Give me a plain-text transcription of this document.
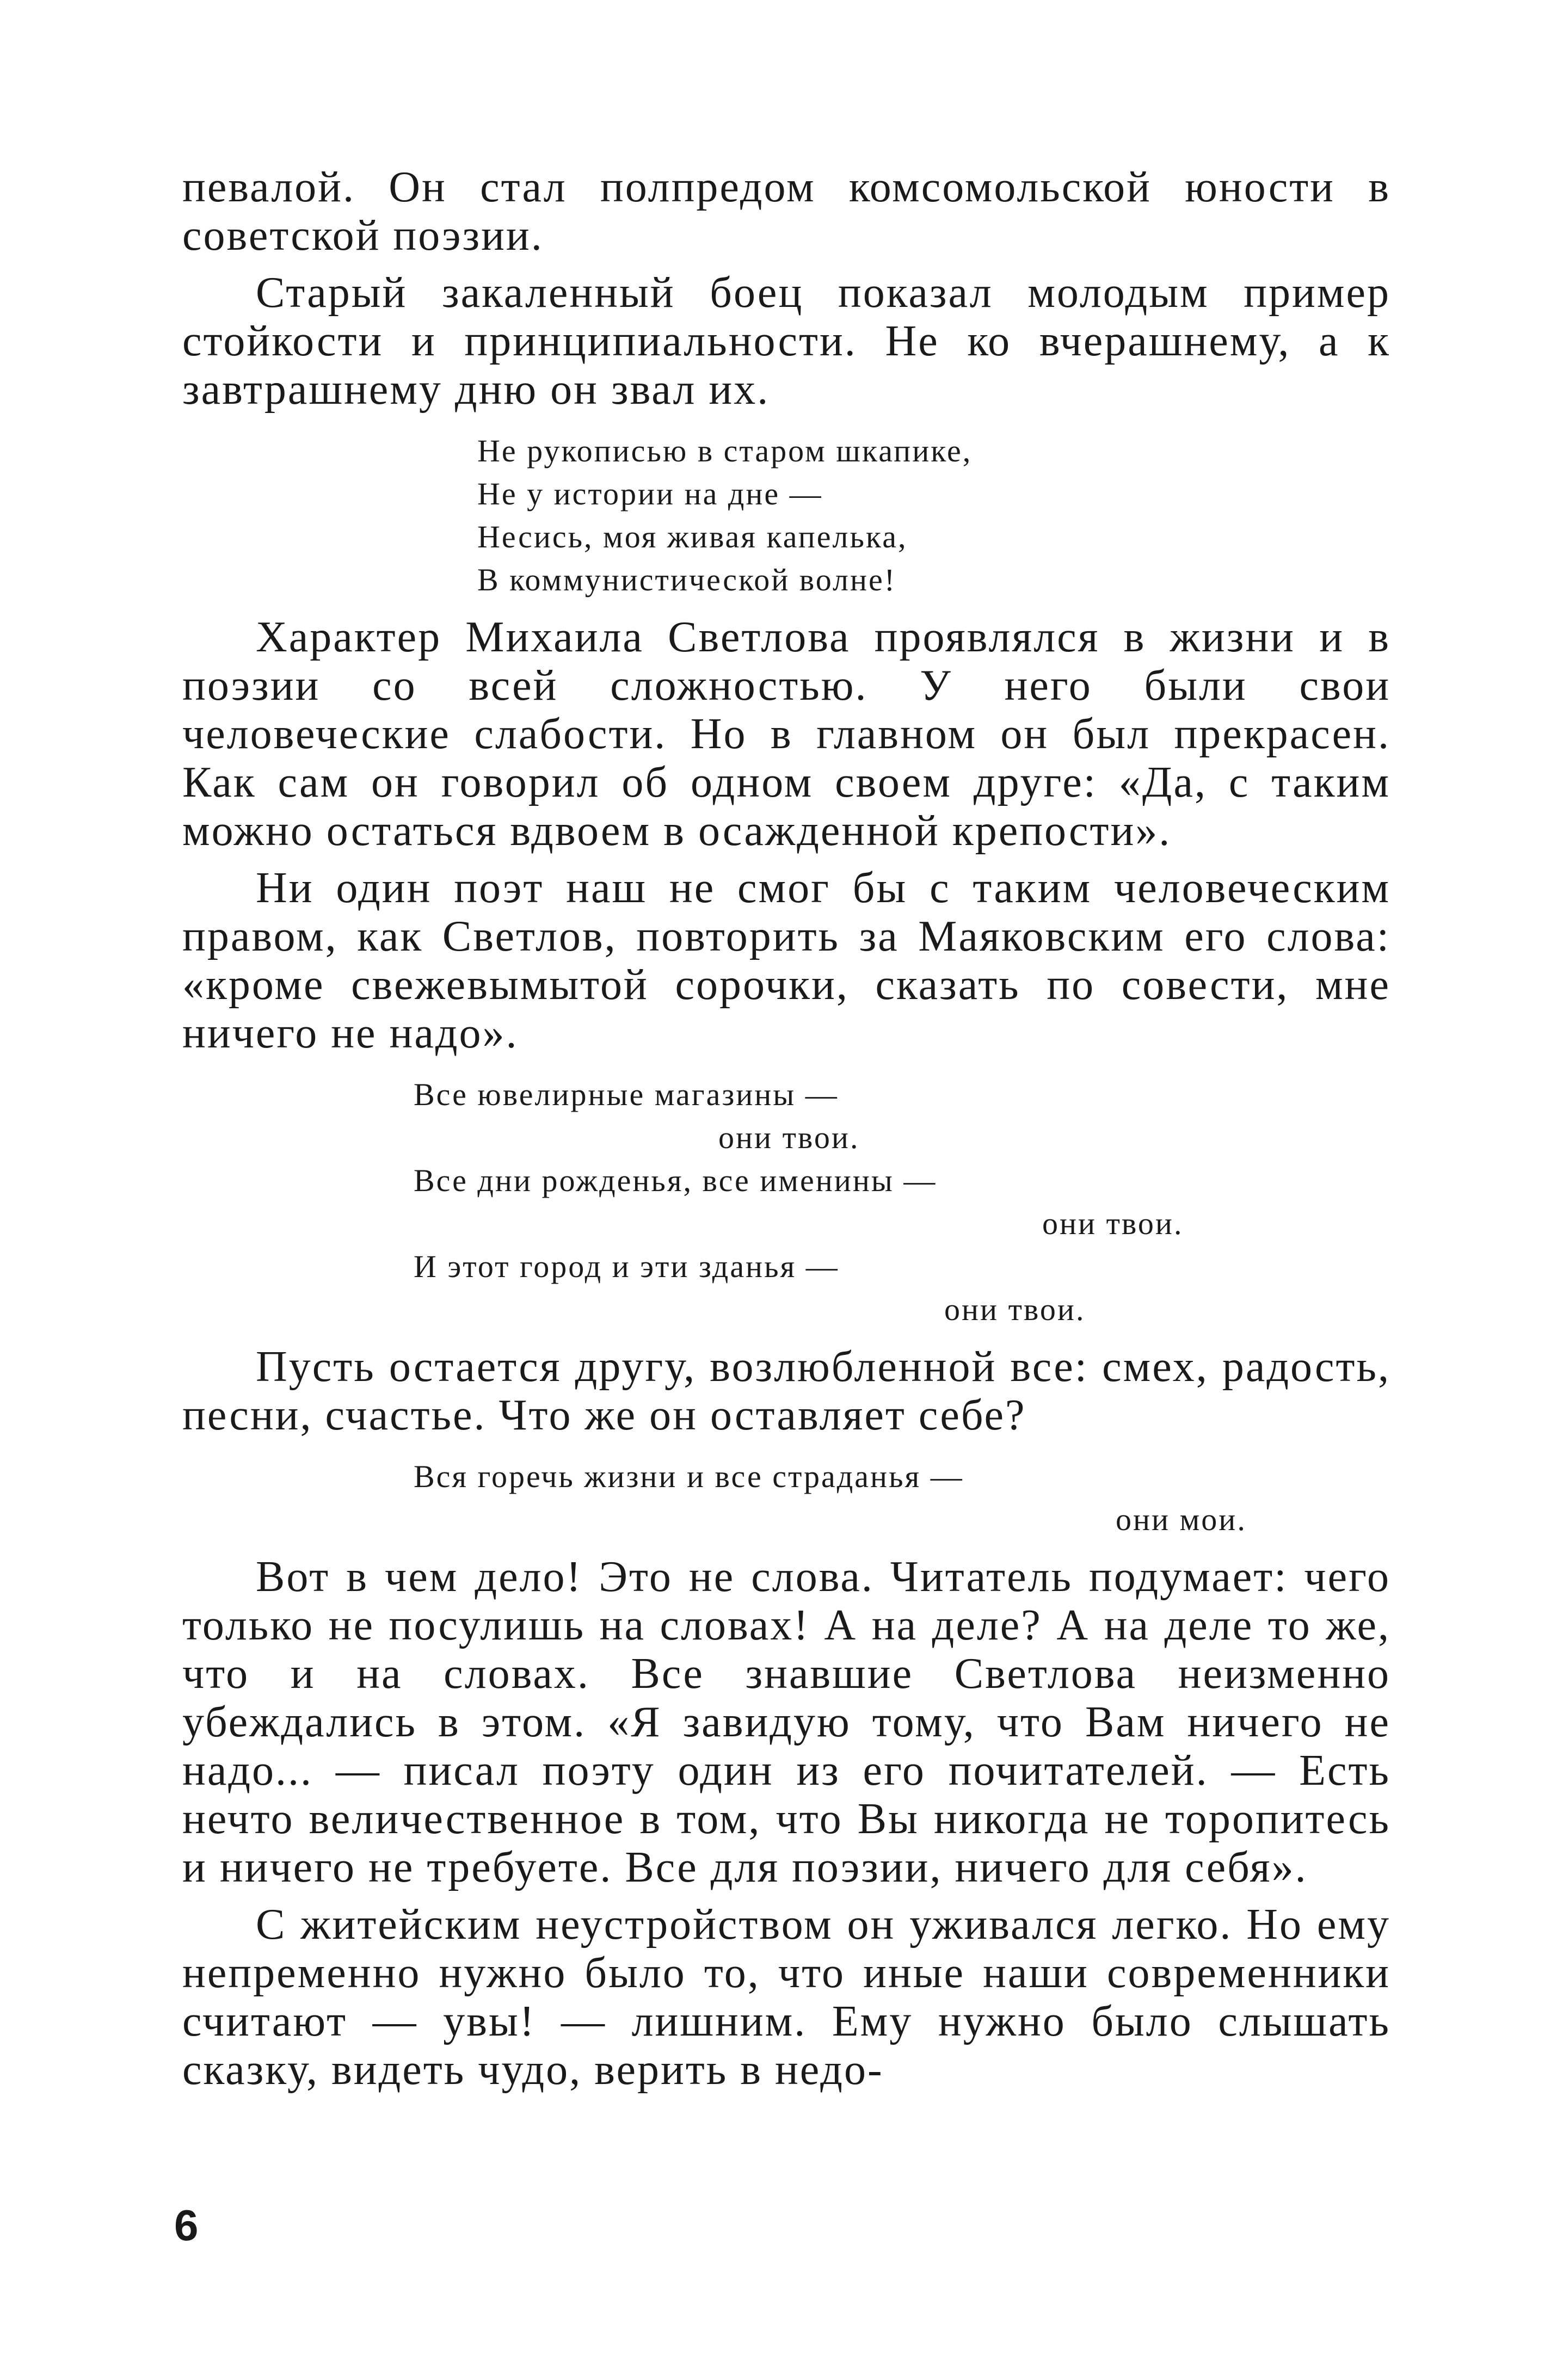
певалой. Он стал полпредом комсомольской юности в советской поэзии.

Старый закаленный боец показал молодым пример стойкости и принципиальности. Не ко вчерашнему, а к завтрашнему дню он звал их.

Не рукописью в старом шкапике,
Не у истории на дне —
Несись, моя живая капелька,
В коммунистической волне!

Характер Михаила Светлова проявлялся в жизни и в поэзии со всей сложностью. У него были свои человеческие слабости. Но в главном он был прекрасен. Как сам он говорил об одном своем друге: «Да, с таким можно остаться вдвоем в осажденной крепости».

Ни один поэт наш не смог бы с таким человеческим правом, как Светлов, повторить за Маяковским его слова: «кроме свежевымытой сорочки, сказать по совести, мне ничего не надо».

Все ювелирные магазины —
они твои.
Все дни рожденья, все именины —
они твои.
И этот город и эти зданья —
они твои.

Пусть остается другу, возлюбленной все: смех, радость, песни, счастье. Что же он оставляет себе?

Вся горечь жизни и все страданья —
они мои.

Вот в чем дело! Это не слова. Читатель подумает: чего только не посулишь на словах! А на деле? А на деле то же, что и на словах. Все знавшие Светлова неизменно убеждались в этом. «Я завидую тому, что Вам ничего не надо... — писал поэту один из его почитателей. — Есть нечто величественное в том, что Вы никогда не торопитесь и ничего не требуете. Все для поэзии, ничего для себя».

С житейским неустройством он уживался легко. Но ему непременно нужно было то, что иные наши современники считают — увы! — лишним. Ему нужно было слышать сказку, видеть чудо, верить в недо-

6
